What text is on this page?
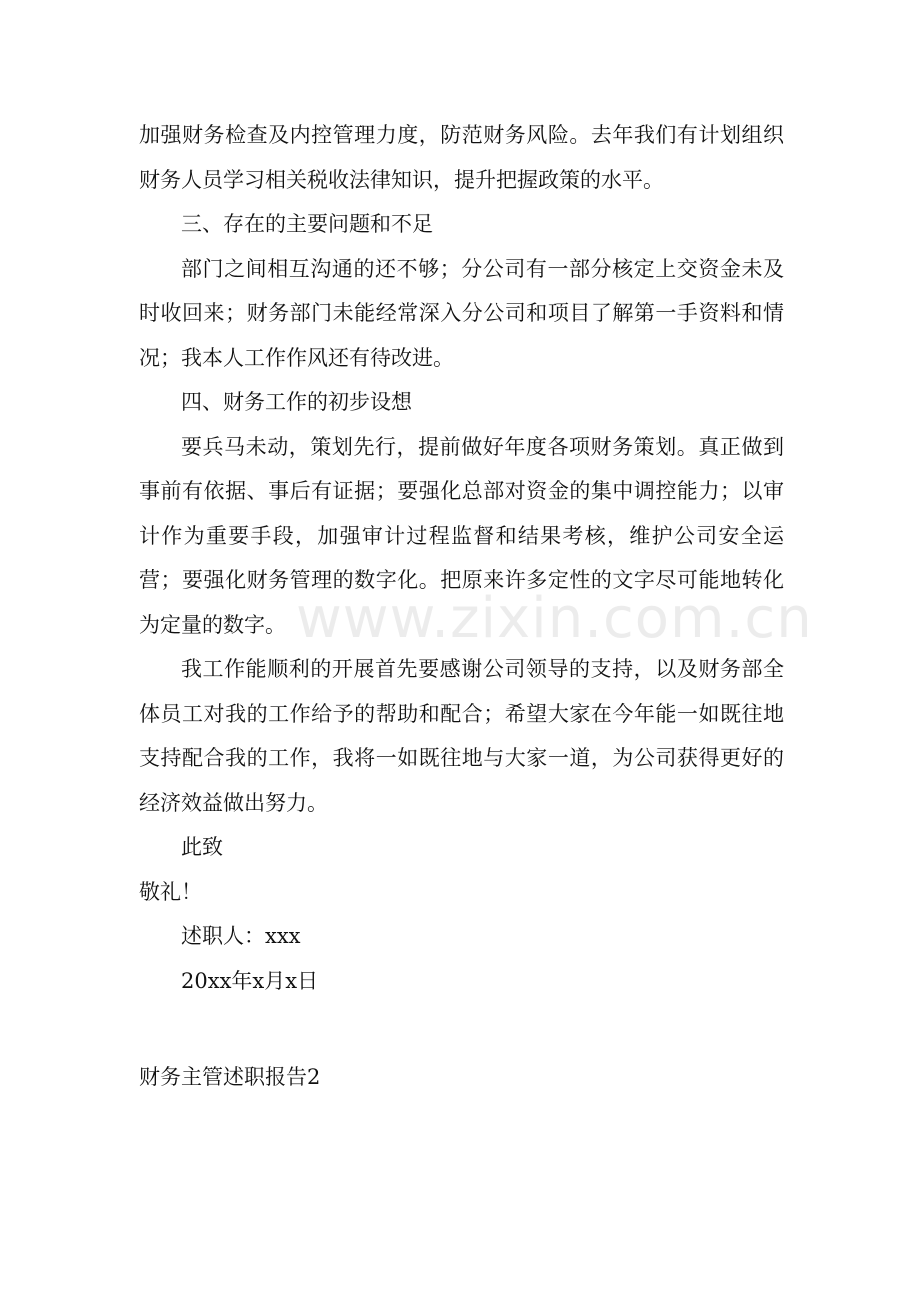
www.zixin.com.cn

加强财务检查及内控管理力度，防范财务风险。去年我们有计划组织财务人员学习相关税收法律知识，提升把握政策的水平。

三、存在的主要问题和不足

部门之间相互沟通的还不够；分公司有一部分核定上交资金未及时收回来；财务部门未能经常深入分公司和项目了解第一手资料和情况；我本人工作作风还有待改进。

四、财务工作的初步设想

要兵马未动，策划先行，提前做好年度各项财务策划。真正做到事前有依据、事后有证据；要强化总部对资金的集中调控能力；以审计作为重要手段，加强审计过程监督和结果考核，维护公司安全运营；要强化财务管理的数字化。把原来许多定性的文字尽可能地转化为定量的数字。

我工作能顺利的开展首先要感谢公司领导的支持，以及财务部全体员工对我的工作给予的帮助和配合；希望大家在今年能一如既往地支持配合我的工作，我将一如既往地与大家一道，为公司获得更好的经济效益做出努力。

此致

敬礼！

述职人：xxx

20xx年x月x日

财务主管述职报告2
